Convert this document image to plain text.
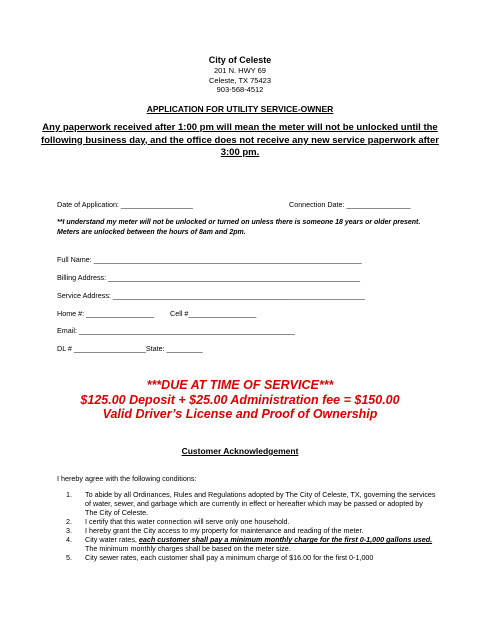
City of Celeste
201 N. HWY 69
Celeste, TX 75423
903-568-4512
APPLICATION FOR UTILITY SERVICE-OWNER
Any paperwork received after 1:00 pm will mean the meter will not be unlocked until the following business day, and the office does not receive any new service paperwork after 3:00 pm.
Date of Application: __________________	Connection Date: ________________
**I understand my meter will not be unlocked or turned on unless there is someone 18 years or older present. Meters are unlocked between the hours of 8am and 2pm.
Full Name: ___________________________________________________________________
Billing Address: _______________________________________________________________
Service Address: _______________________________________________________________
Home #: _________________ Cell #_________________
Email: ______________________________________________________
DL # __________________State: _________
***DUE AT TIME OF SERVICE***
$125.00 Deposit + $25.00 Administration fee = $150.00
Valid Driver’s License and Proof of Ownership
Customer Acknowledgement
I hereby agree with the following conditions:
1.	To abide by all Ordinances, Rules and Regulations adopted by The City of Celeste, TX, governing the services of water, sewer, and garbage which are currently in effect or hereafter which may be passed or adopted by The City of Celeste.
2.	I certify that this water connection will serve only one household.
3.	I hereby grant the City access to my property for maintenance and reading of the meter.
4.	City water rates, each customer shall pay a minimum monthly charge for the first 0-1,000 gallons used. The minimum monthly charges shall be based on the meter size.
5.	City sewer rates, each customer shall pay a minimum charge of $16.00 for the first 0-1,000
